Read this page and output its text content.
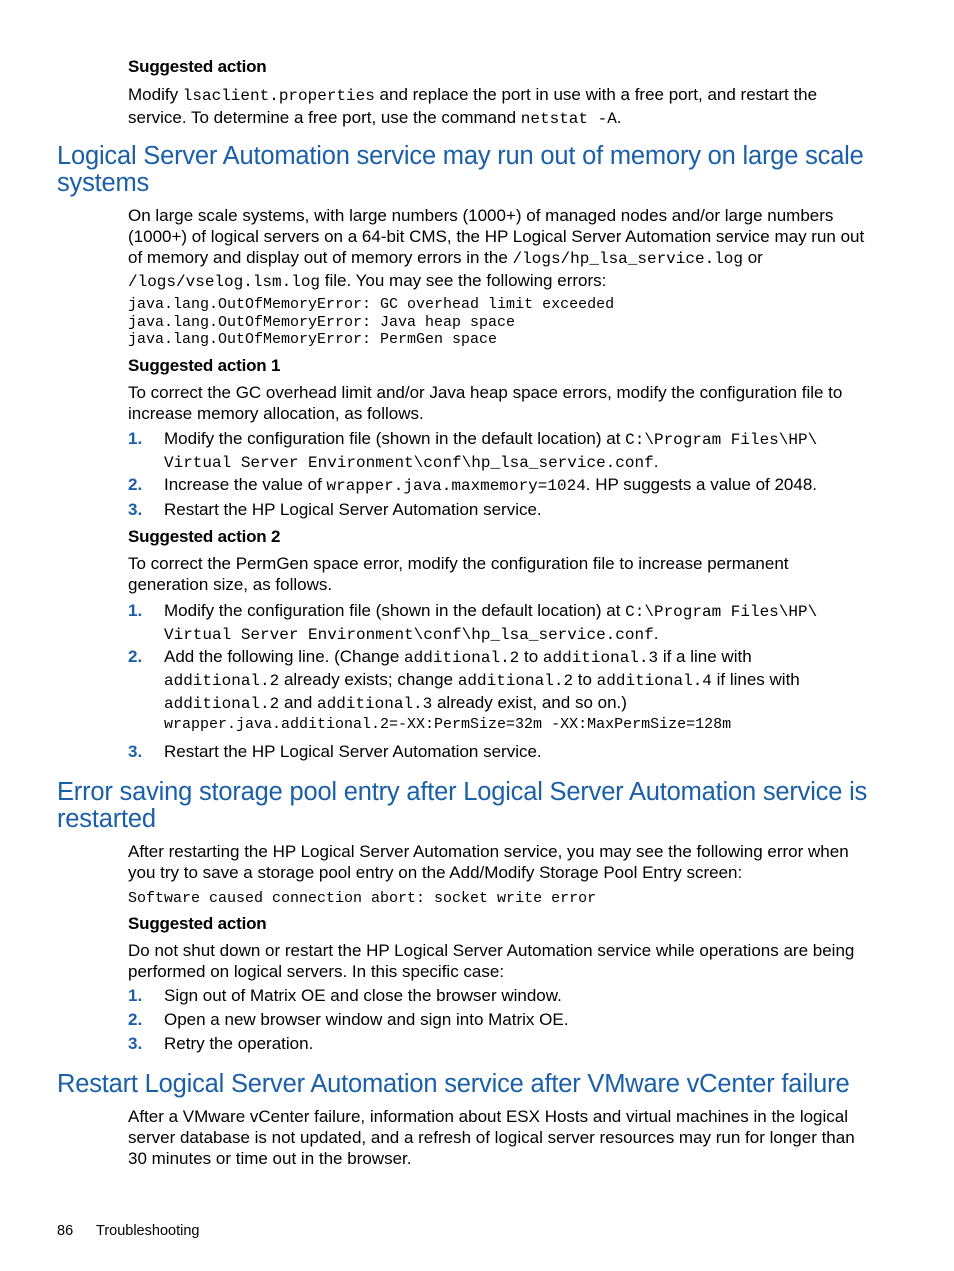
Suggested action
Modify lsaclient.properties and replace the port in use with a free port, and restart the service. To determine a free port, use the command netstat -A.
Logical Server Automation service may run out of memory on large scale systems
On large scale systems, with large numbers (1000+) of managed nodes and/or large numbers (1000+) of logical servers on a 64-bit CMS, the HP Logical Server Automation service may run out of memory and display out of memory errors in the /logs/hp_lsa_service.log or /logs/vselog.lsm.log file. You may see the following errors:
java.lang.OutOfMemoryError: GC overhead limit exceeded
java.lang.OutOfMemoryError: Java heap space
java.lang.OutOfMemoryError: PermGen space
Suggested action 1
To correct the GC overhead limit and/or Java heap space errors, modify the configuration file to increase memory allocation, as follows.
1. Modify the configuration file (shown in the default location) at C:\Program Files\HP\ Virtual Server Environment\conf\hp_lsa_service.conf.
2. Increase the value of wrapper.java.maxmemory=1024. HP suggests a value of 2048.
3. Restart the HP Logical Server Automation service.
Suggested action 2
To correct the PermGen space error, modify the configuration file to increase permanent generation size, as follows.
1. Modify the configuration file (shown in the default location) at C:\Program Files\HP\ Virtual Server Environment\conf\hp_lsa_service.conf.
2. Add the following line. (Change additional.2 to additional.3 if a line with additional.2 already exists; change additional.2 to additional.4 if lines with additional.2 and additional.3 already exist, and so on.)
wrapper.java.additional.2=-XX:PermSize=32m -XX:MaxPermSize=128m
3. Restart the HP Logical Server Automation service.
Error saving storage pool entry after Logical Server Automation service is restarted
After restarting the HP Logical Server Automation service, you may see the following error when you try to save a storage pool entry on the Add/Modify Storage Pool Entry screen:
Software caused connection abort: socket write error
Suggested action
Do not shut down or restart the HP Logical Server Automation service while operations are being performed on logical servers. In this specific case:
1. Sign out of Matrix OE and close the browser window.
2. Open a new browser window and sign into Matrix OE.
3. Retry the operation.
Restart Logical Server Automation service after VMware vCenter failure
After a VMware vCenter failure, information about ESX Hosts and virtual machines in the logical server database is not updated, and a refresh of logical server resources may run for longer than 30 minutes or time out in the browser.
86 Troubleshooting
